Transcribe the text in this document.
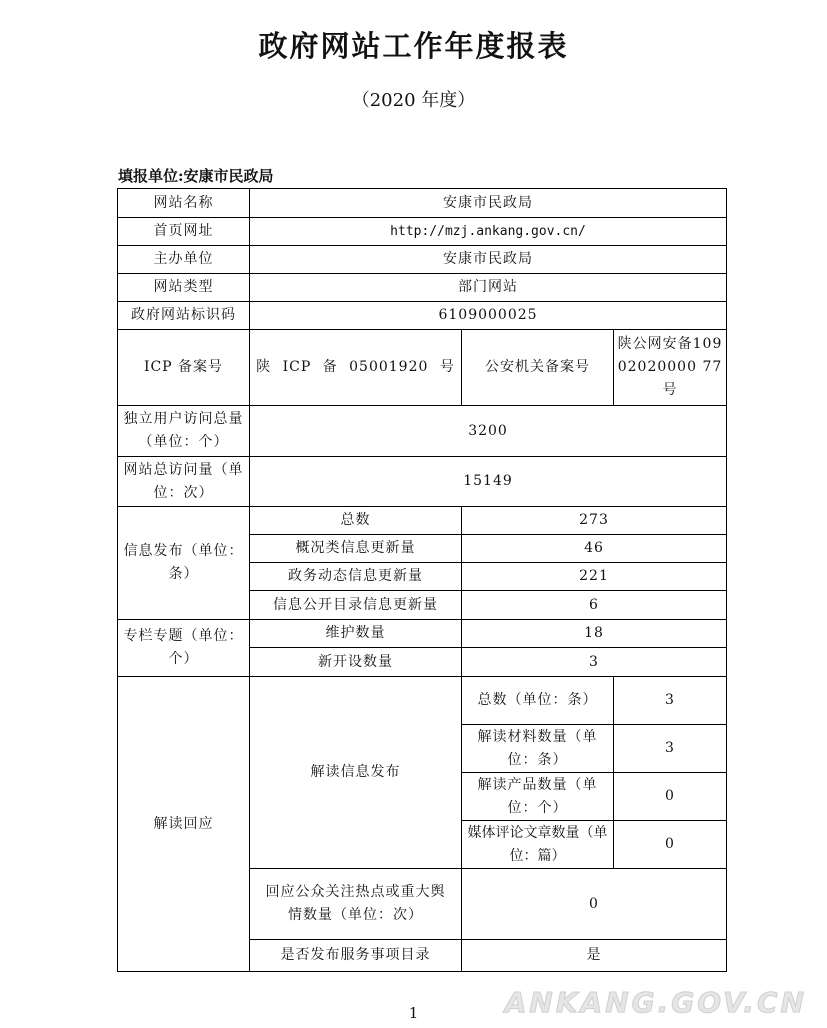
政府网站工作年度报表
（2020 年度）
填报单位:安康市民政局
网站名称	安康市民政局		
首页网址	http://mzj.ankang.gov.cn/		
主办单位	安康市民政局		
网站类型	部门网站		
政府网站标识码	6109000025		
ICP 备案号	陕 ICP 备 05001920 号	公安机关备案号	陕公网安备10902020000 77 号
独立用户访问总量（单位：个）	3200		
网站总访问量（单位：次）	15149		
信息发布（单位：条）	总数	273	
	概况类信息更新量	46	
	政务动态信息更新量	221	
	信息公开目录信息更新量	6	
专栏专题（单位：个）	维护数量	18	
	新开设数量	3	
解读回应	解读信息发布	总数（单位：条）	3
		解读材料数量（单位：条）	3
		解读产品数量（单位：个）	0
		媒体评论文章数量（单位：篇）	0
	回应公众关注热点或重大舆情数量（单位：次）	0	
	是否发布服务事项目录	是	
1	ANKANG.GOV.CN
